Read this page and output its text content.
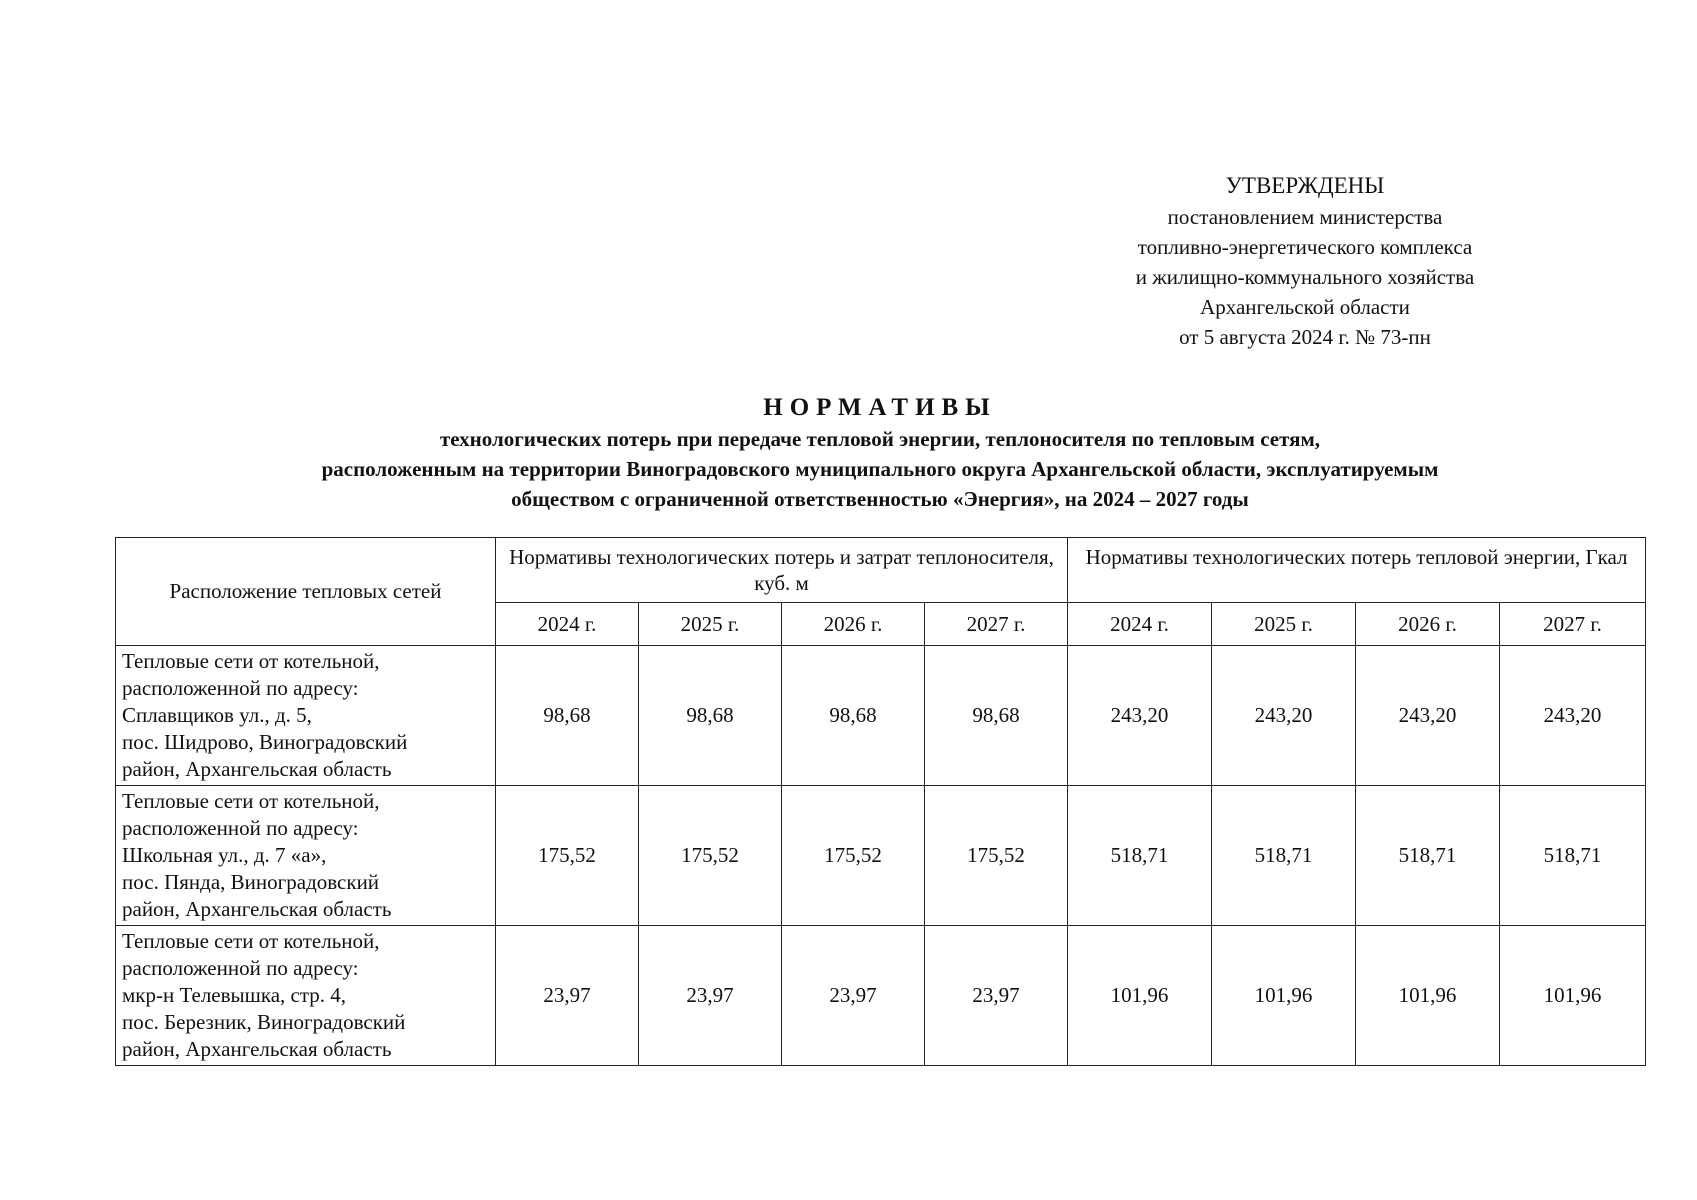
УТВЕРЖДЕНЫ
постановлением министерства
топливно-энергетического комплекса
и жилищно-коммунального хозяйства
Архангельской области
от 5 августа 2024 г. № 73-пн
НОРМАТИВЫ
технологических потерь при передаче тепловой энергии, теплоносителя по тепловым сетям,
расположенным на территории Виноградовского муниципального округа Архангельской области, эксплуатируемым
обществом с ограниченной ответственностью «Энергия», на 2024 – 2027 годы
Расположение тепловых сетей	Нормативы технологических потерь и затрат теплоносителя, куб. м				Нормативы технологических потерь тепловой энергии, Гкал			
	2024 г.	2025 г.	2026 г.	2027 г.	2024 г.	2025 г.	2026 г.	2027 г.

Тепловые сети от котельной,
расположенной по адресу:
Сплавщиков ул., д. 5,
пос. Шидрово, Виноградовский
район, Архангельская область	98,68	98,68	98,68	98,68	243,20	243,20	243,20	243,20

Тепловые сети от котельной,
расположенной по адресу:
Школьная ул., д. 7 «а»,
пос. Пянда, Виноградовский
район, Архангельская область	175,52	175,52	175,52	175,52	518,71	518,71	518,71	518,71

Тепловые сети от котельной,
расположенной по адресу:
мкр-н Телевышка, стр. 4,
пос. Березник, Виноградовский
район, Архангельская область	23,97	23,97	23,97	23,97	101,96	101,96	101,96	101,96
